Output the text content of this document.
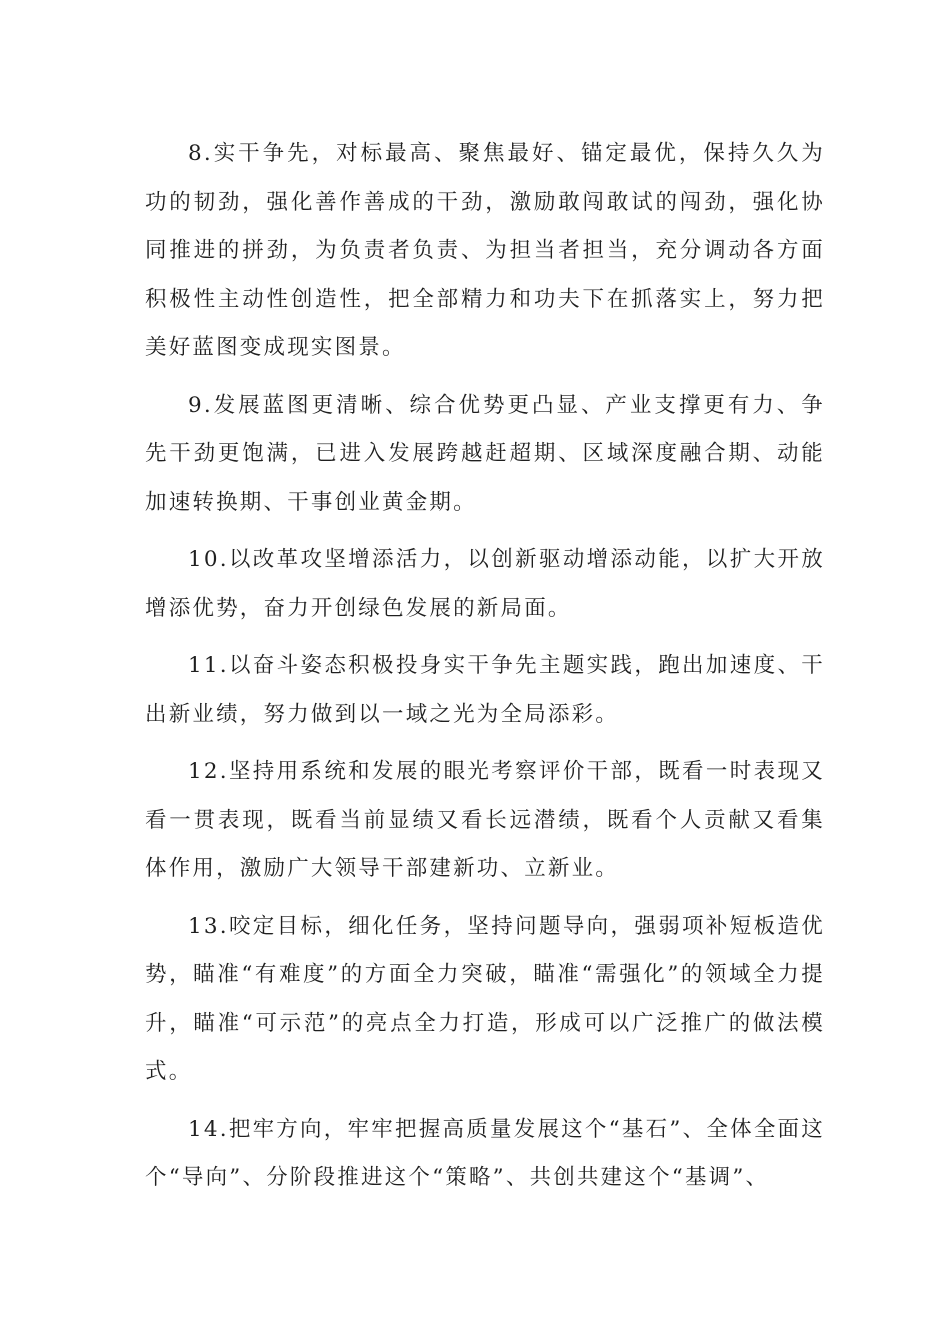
8.实干争先，对标最高、聚焦最好、锚定最优，保持久久为功的韧劲，强化善作善成的干劲，激励敢闯敢试的闯劲，强化协同推进的拼劲，为负责者负责、为担当者担当，充分调动各方面积极性主动性创造性，把全部精力和功夫下在抓落实上，努力把美好蓝图变成现实图景。

9.发展蓝图更清晰、综合优势更凸显、产业支撑更有力、争先干劲更饱满，已进入发展跨越赶超期、区域深度融合期、动能加速转换期、干事创业黄金期。

10.以改革攻坚增添活力，以创新驱动增添动能，以扩大开放增添优势，奋力开创绿色发展的新局面。

11.以奋斗姿态积极投身实干争先主题实践，跑出加速度、干出新业绩，努力做到以一域之光为全局添彩。

12.坚持用系统和发展的眼光考察评价干部，既看一时表现又看一贯表现，既看当前显绩又看长远潜绩，既看个人贡献又看集体作用，激励广大领导干部建新功、立新业。

13.咬定目标，细化任务，坚持问题导向，强弱项补短板造优势，瞄准“有难度”的方面全力突破，瞄准“需强化”的领域全力提升，瞄准“可示范”的亮点全力打造，形成可以广泛推广的做法模式。

14.把牢方向，牢牢把握高质量发展这个“基石”、全体全面这个“导向”、分阶段推进这个“策略”、共创共建这个“基调”、
